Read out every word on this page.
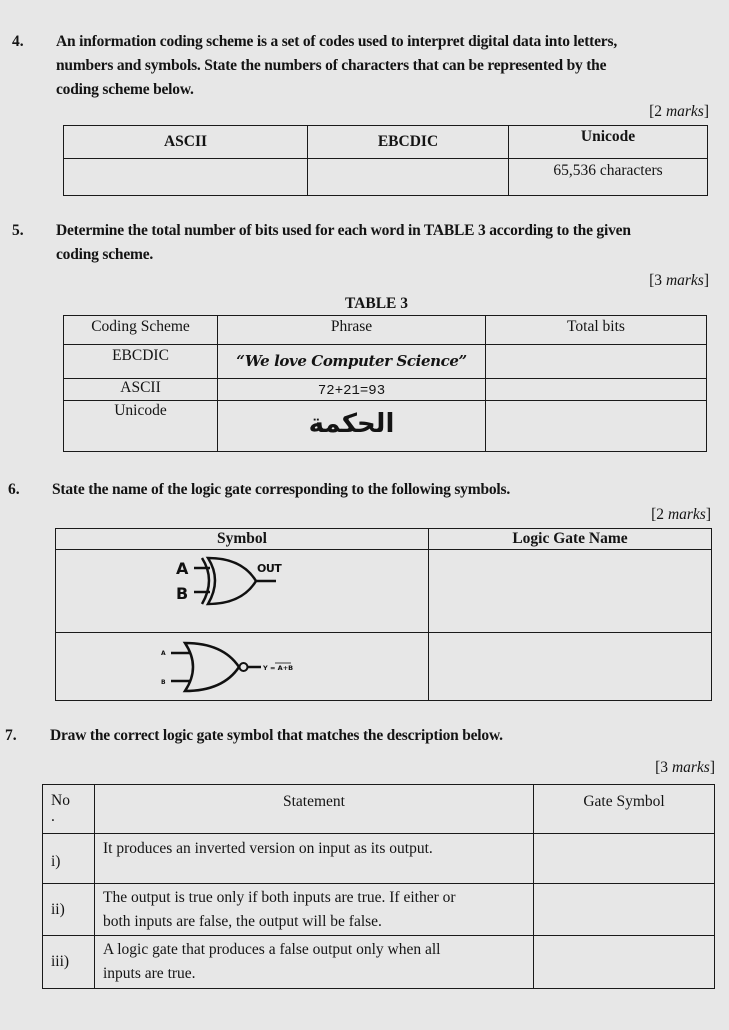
4. An information coding scheme is a set of codes used to interpret digital data into letters,
numbers and symbols. State the numbers of characters that can be represented by the
coding scheme below.
[2 marks]
ASCII	EBCDIC	Unicode
		65,536 characters
5. Determine the total number of bits used for each word in TABLE 3 according to the given
coding scheme.
[3 marks]
TABLE 3
Coding Scheme	Phrase	Total bits
EBCDIC	“We love Computer Science”	
ASCII	72+21=93	
Unicode	الحكمة	
6. State the name of the logic gate corresponding to the following symbols.
[2 marks]
Symbol	Logic Gate Name

A
B
OUT	

A
B
Y = A+B	

7. Draw the correct logic gate symbol that matches the description below.
[3 marks]
No
.	Statement	Gate Symbol
i)	It produces an inverted version on input as its output.	

ii)	The output is true only if both inputs are true. If either or
both inputs are false, the output will be false.	

iii)	A logic gate that produces a false output only when all
inputs are true.	
